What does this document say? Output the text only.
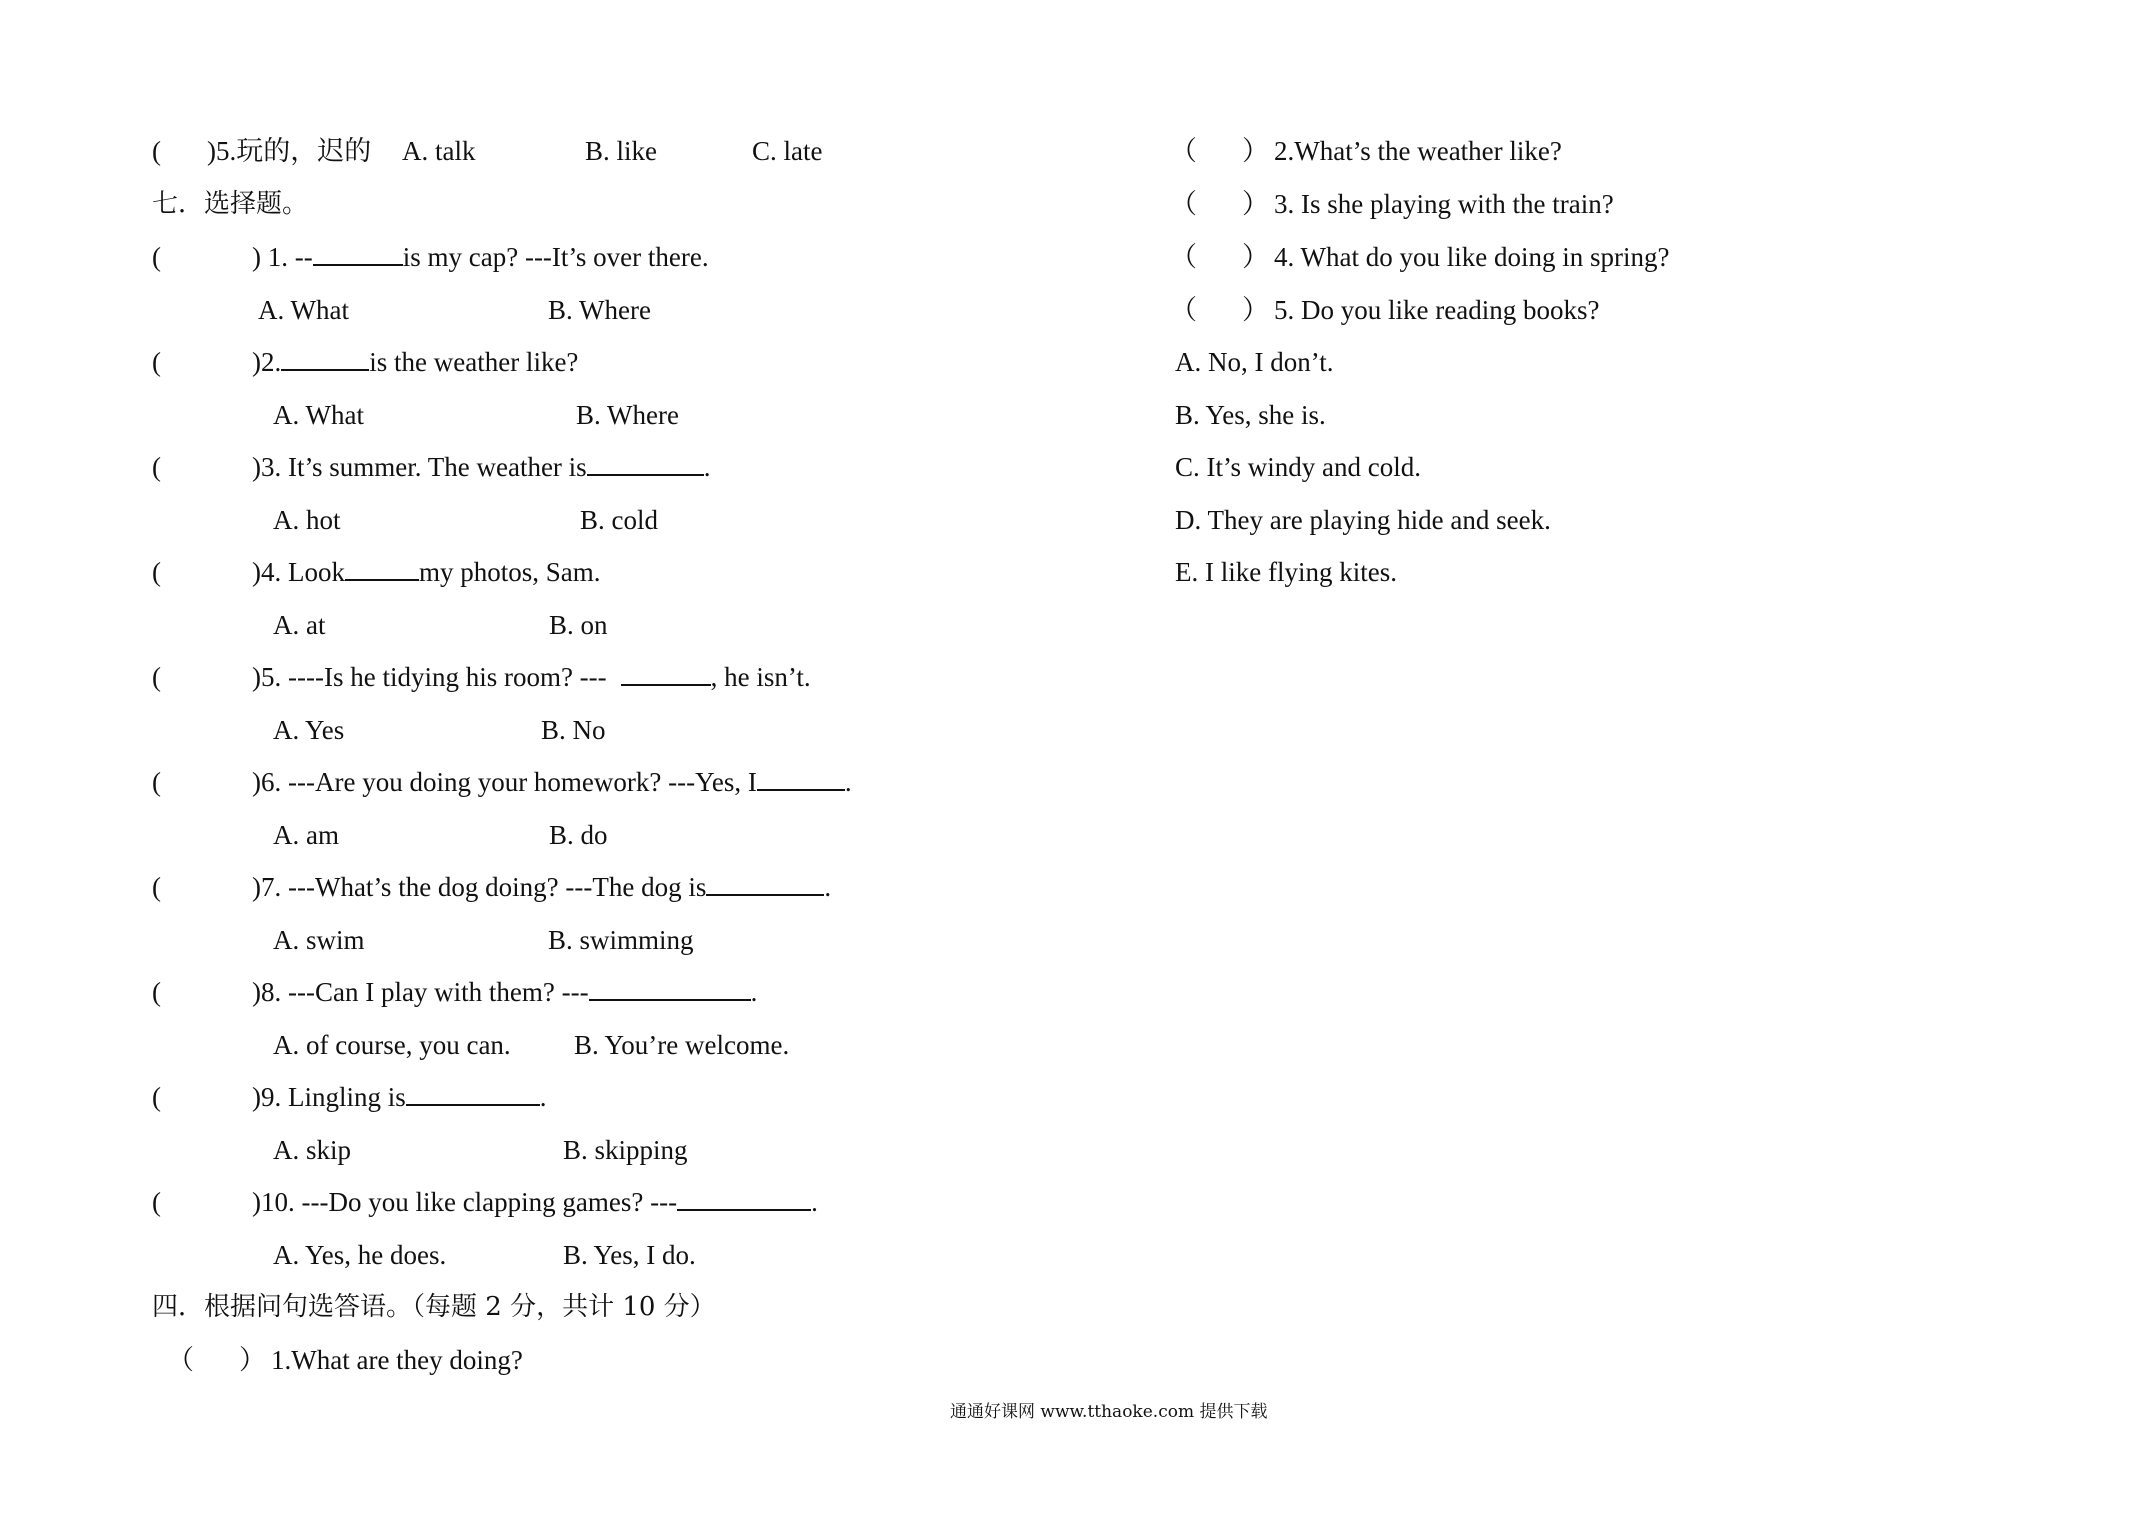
( )5.玩的，迟的 A. talk	B. like	C. late
七．选择题。
(	) 1. --	is my cap? ---It’s over there.
A. What	B. Where
(	)2.	is the weather like?
A. What	B. Where
(	)3. It’s summer. The weather is	.
A. hot	B. cold
(	)4. Look	my photos, Sam.
A. at	B. on
(	)5. ----Is he tidying his room? ---	, he isn’t.
A. Yes	B. No
(	)6. ---Are you doing your homework? ---Yes, I	.
A. am	B. do
(	)7. ---What’s the dog doing? ---The dog is	.
A. swim	B. swimming
(	)8. ---Can I play with them? ---	.
A. of course, you can. B. You’re welcome.
(	)9. Lingling is	.
A. skip	B. skipping
(	)10. ---Do you like clapping games? ---	.
A. Yes, he does.	B. Yes, I do.
四．根据问句选答语。（每题 2 分，共计 10 分）
（ ） 1.What are they doing?
（ ） 2.What’s the weather like?
（ ） 3. Is she playing with the train?
（ ） 4. What do you like doing in spring?
（ ） 5. Do you like reading books?
A. No, I don’t.
B. Yes, she is.
C. It’s windy and cold.
D. They are playing hide and seek.
E. I like flying kites.
通通好课网 www.tthaoke.com 提供下载
